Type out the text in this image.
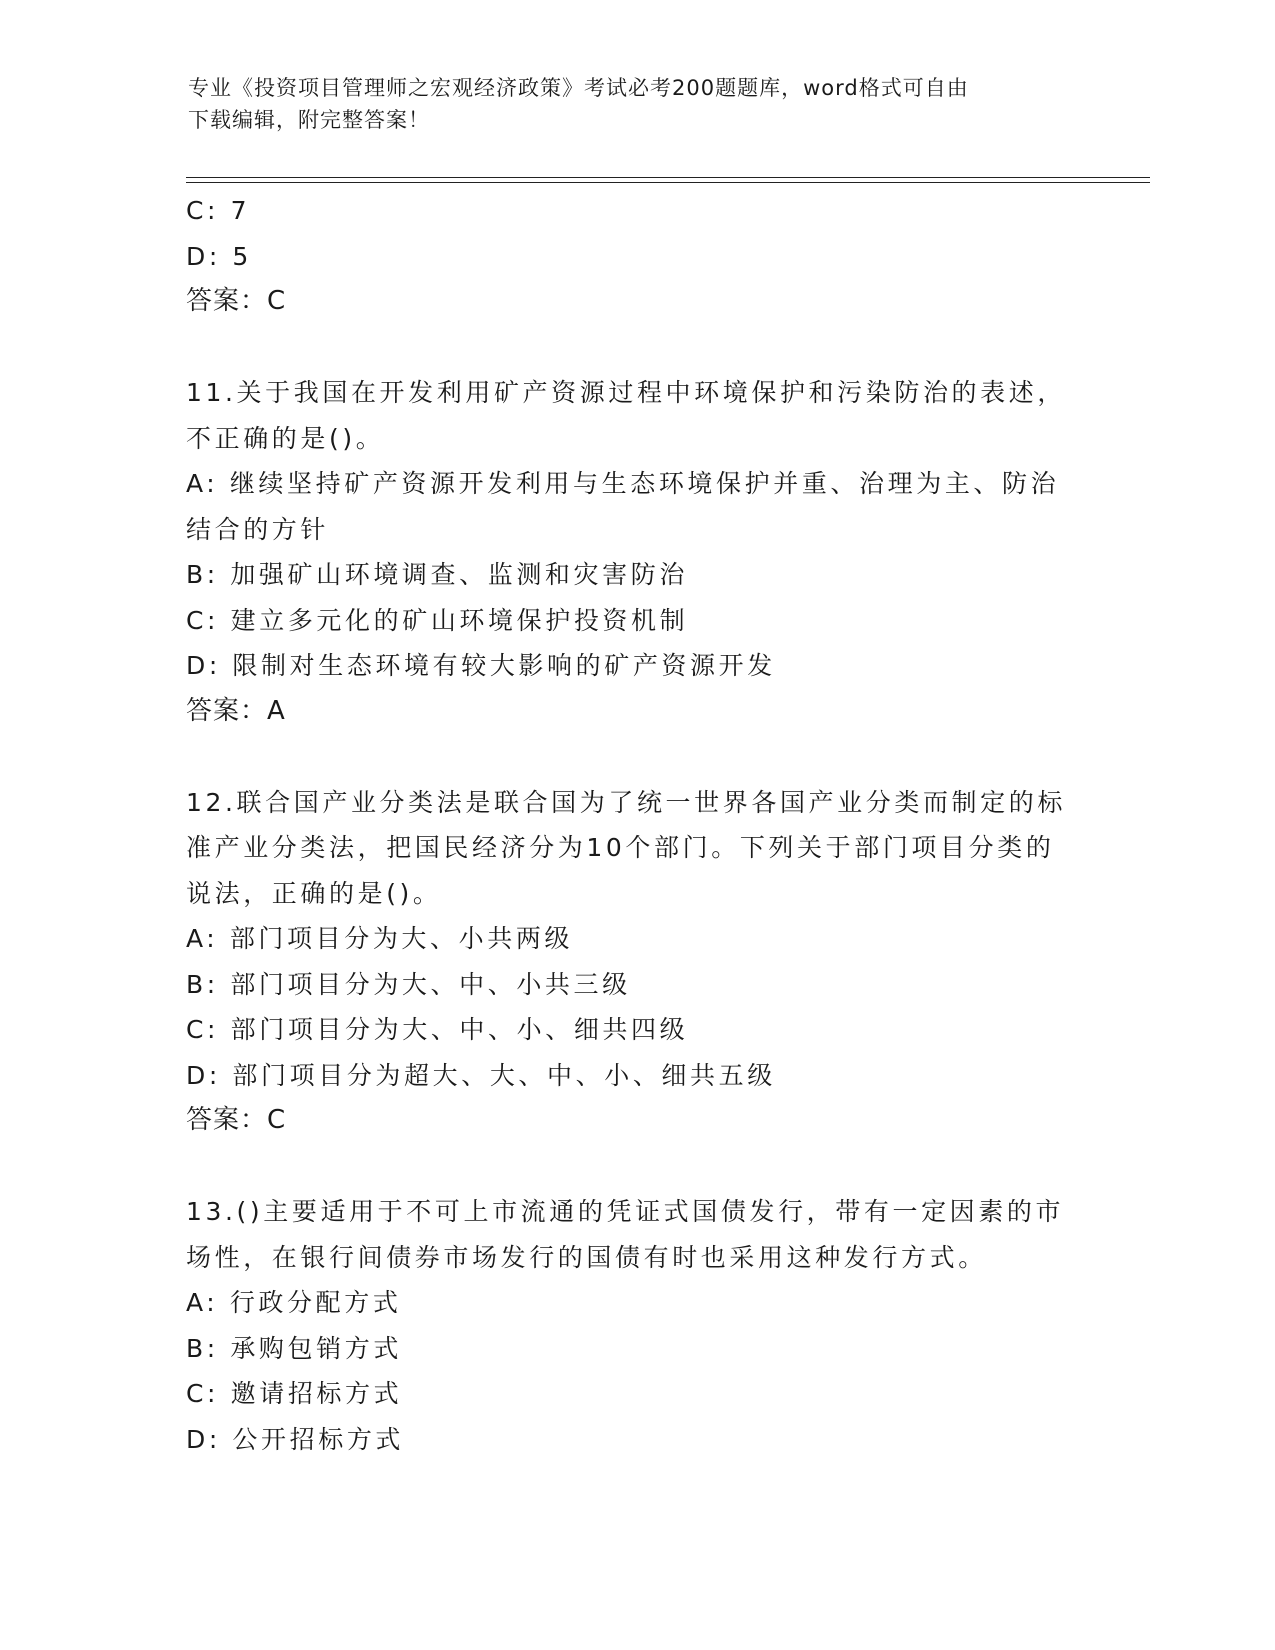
专业《投资项目管理师之宏观经济政策》考试必考200题题库，word格式可自由
下载编辑，附完整答案！
C: 7
D: 5
答案：C
11.关于我国在开发利用矿产资源过程中环境保护和污染防治的表述，
不正确的是()。
A: 继续坚持矿产资源开发利用与生态环境保护并重、治理为主、防治
结合的方针
B: 加强矿山环境调查、监测和灾害防治
C: 建立多元化的矿山环境保护投资机制
D: 限制对生态环境有较大影响的矿产资源开发
答案：A
12.联合国产业分类法是联合国为了统一世界各国产业分类而制定的标
准产业分类法，把国民经济分为10个部门。下列关于部门项目分类的
说法，正确的是()。
A: 部门项目分为大、小共两级
B: 部门项目分为大、中、小共三级
C: 部门项目分为大、中、小、细共四级
D: 部门项目分为超大、大、中、小、细共五级
答案：C
13.()主要适用于不可上市流通的凭证式国债发行，带有一定因素的市
场性，在银行间债券市场发行的国债有时也采用这种发行方式。
A: 行政分配方式
B: 承购包销方式
C: 邀请招标方式
D: 公开招标方式
